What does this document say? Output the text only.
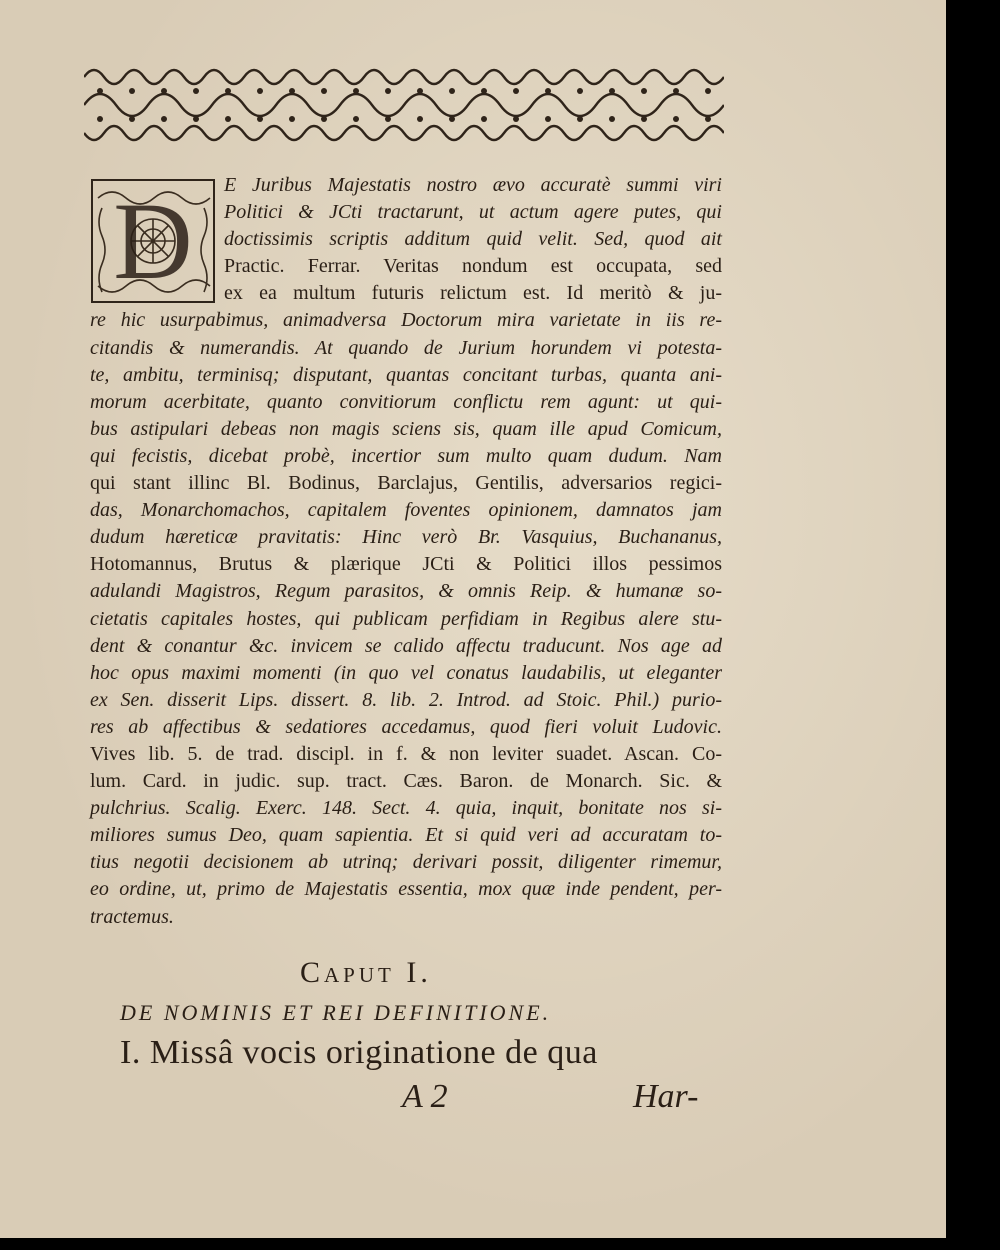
D	E Juribus Majestatis nostro ævo accuratè summi viri
Politici & JCti tractarunt, ut actum agere putes, qui
doctissimis scriptis additum quid velit. Sed, quod ait
Practic. Ferrar. Veritas nondum est occupata, sed
ex ea multum futuris relictum est. Id meritò & ju-
re hic usurpabimus, animadversa Doctorum mira varietate in iis re-
citandis & numerandis. At quando de Jurium horundem vi potesta-
te, ambitu, terminisq; disputant, quantas concitant turbas, quanta ani-
morum acerbitate, quanto convitiorum conflictu rem agunt: ut qui-
bus astipulari debeas non magis sciens sis, quam ille apud Comicum,
qui fecistis, dicebat probè, incertior sum multo quam dudum. Nam
qui stant illinc Bl. Bodinus, Barclajus, Gentilis, adversarios regici-
das, Monarchomachos, capitalem foventes opinionem, damnatos jam
dudum hæreticæ pravitatis: Hinc verò Br. Vasquius, Buchananus,
Hotomannus, Brutus & plærique JCti & Politici illos pessimos
adulandi Magistros, Regum parasitos, & omnis Reip. & humanæ so-
cietatis capitales hostes, qui publicam perfidiam in Regibus alere stu-
dent & conantur &c. invicem se calido affectu traducunt. Nos age ad
hoc opus maximi momenti (in quo vel conatus laudabilis, ut eleganter
ex Sen. disserit Lips. dissert. 8. lib. 2. Introd. ad Stoic. Phil.) purio-
res ab affectibus & sedatiores accedamus, quod fieri voluit Ludovic.
Vives lib. 5. de trad. discipl. in f. & non leviter suadet. Ascan. Co-
lum. Card. in judic. sup. tract. Cæs. Baron. de Monarch. Sic. &
pulchrius. Scalig. Exerc. 148. Sect. 4. quia, inquit, bonitate nos si-
miliores sumus Deo, quam sapientia. Et si quid veri ad accuratam to-
tius negotii decisionem ab utrinq; derivari possit, diligenter rimemur,
eo ordine, ut, primo de Majestatis essentia, mox quæ inde pendent, per-
tractemus.
Caput I.
DE NOMINIS ET REI DEFINITIONE.
I. Missâ vocis originatione de qua
A 2	Har-
